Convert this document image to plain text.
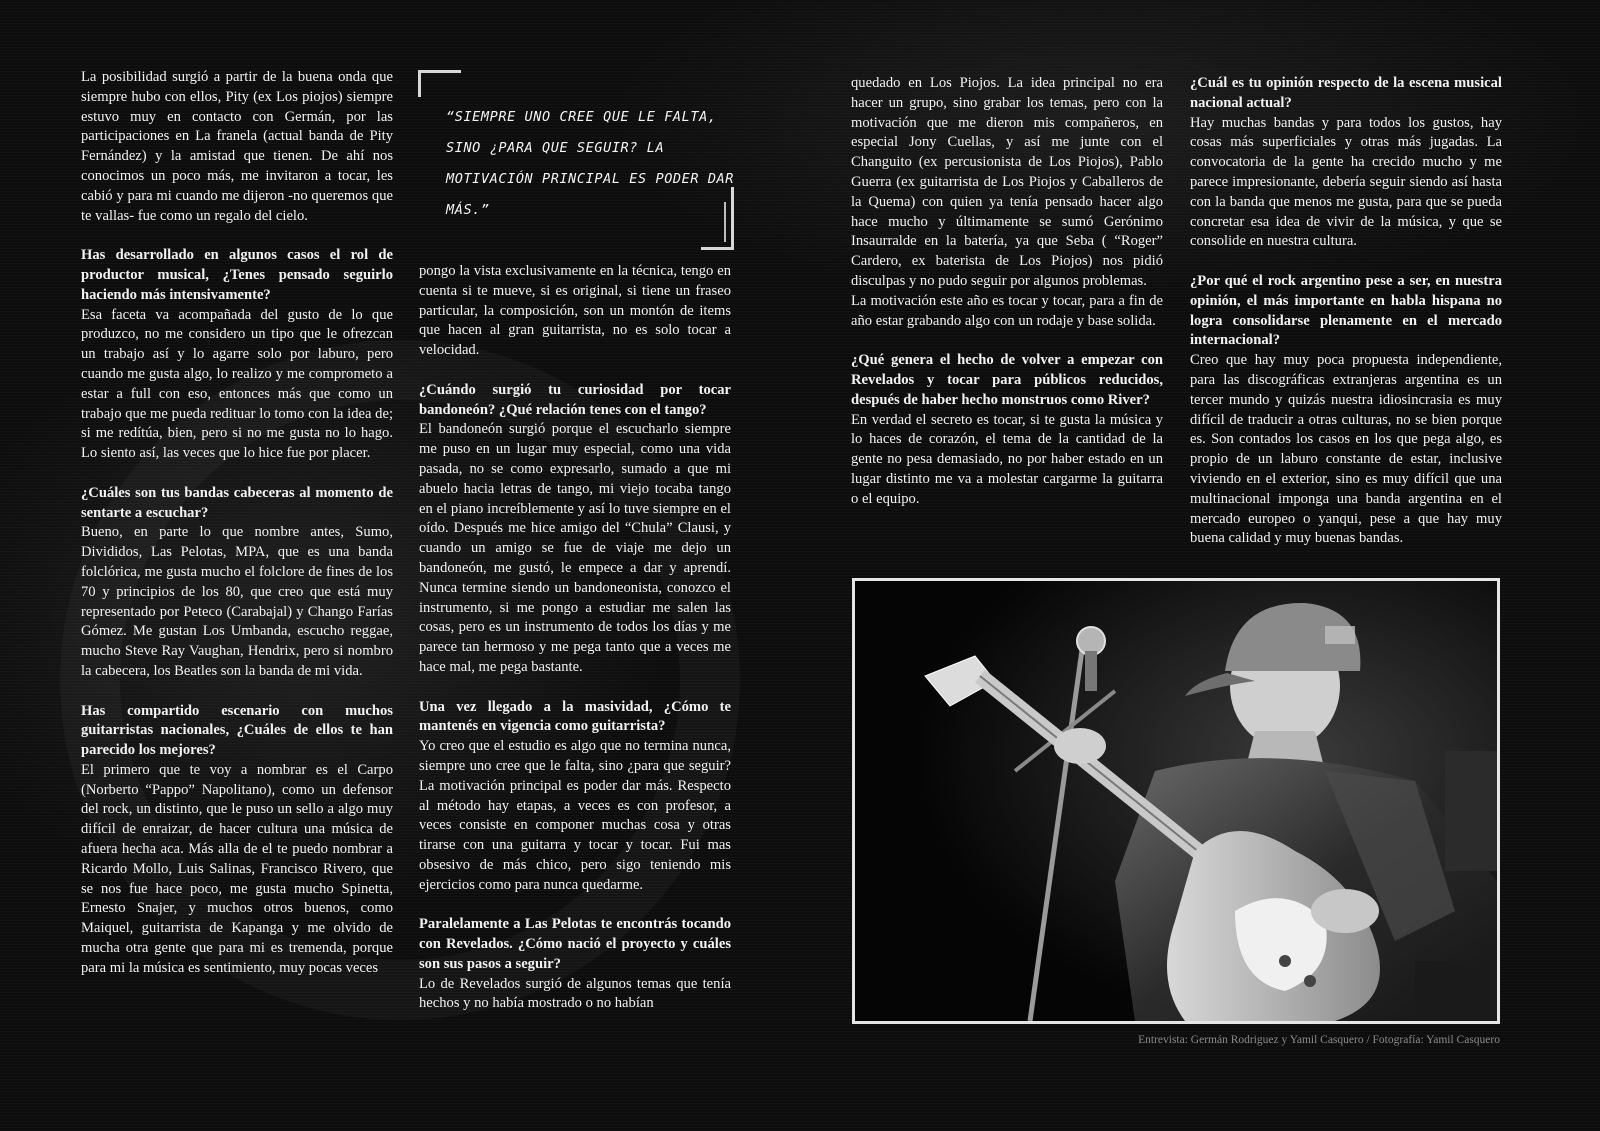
La posibilidad surgió a partir de la buena onda que siempre hubo con ellos, Pity (ex Los piojos) siempre estuvo muy en contacto con Germán, por las participaciones en La franela (actual banda de Pity Fernández) y la amistad que tienen. De ahí nos conocimos un poco más, me invitaron a tocar, les cabió y para mi cuando me dijeron -no queremos que te vallas- fue como un regalo del cielo.

Has desarrollado en algunos casos el rol de productor musical, ¿Tenes pensado seguirlo haciendo más intensivamente?

Esa faceta va acompañada del gusto de lo que produzco, no me considero un tipo que le ofrezcan un trabajo así y lo agarre solo por laburo, pero cuando me gusta algo, lo realizo y me comprometo a estar a full con eso, entonces más que como un trabajo que me pueda redituar lo tomo con la idea de; si me redítúa, bien, pero si no me gusta no lo hago. Lo siento así, las veces que lo hice fue por placer.

¿Cuáles son tus bandas cabeceras al momento de sentarte a escuchar?

Bueno, en parte lo que nombre antes, Sumo, Divididos, Las Pelotas, MPA, que es una banda folclórica, me gusta mucho el folclore de fines de los 70 y principios de los 80, que creo que está muy representado por Peteco (Carabajal) y Chango Farías Gómez. Me gustan Los Umbanda, escucho reggae, mucho Steve Ray Vaughan, Hendrix, pero si nombro la cabecera, los Beatles son la banda de mi vida.

Has compartido escenario con muchos guitarristas nacionales, ¿Cuáles de ellos te han parecido los mejores?

El primero que te voy a nombrar es el Carpo (Norberto “Pappo” Napolitano), como un defensor del rock, un distinto, que le puso un sello a algo muy difícil de enraizar, de hacer cultura una música de afuera hecha aca. Más alla de el te puedo nombrar a Ricardo Mollo, Luis Salinas, Francisco Rivero, que se nos fue hace poco, me gusta mucho Spinetta, Ernesto Snajer, y muchos otros buenos, como Maiquel, guitarrista de Kapanga y me olvido de mucha otra gente que para mi es tremenda, porque para mi la música es sentimiento, muy pocas veces

“SIEMPRE UNO CREE QUE LE FALTA, SINO ¿PARA QUE SEGUIR? LA MOTIVACIÓN PRINCIPAL ES PODER DAR MÁS.”

pongo la vista exclusivamente en la técnica, tengo en cuenta si te mueve, si es original, si tiene un fraseo particular, la composición, son un montón de items que hacen al gran guitarrista, no es solo tocar a velocidad.

¿Cuándo surgió tu curiosidad por tocar bandoneón? ¿Qué relación tenes con el tango?

El bandoneón surgió porque el escucharlo siempre me puso en un lugar muy especial, como una vida pasada, no se como expresarlo, sumado a que mi abuelo hacia letras de tango, mi viejo tocaba tango en el piano increíblemente y así lo tuve siempre en el oído. Después me hice amigo del “Chula” Clausi, y cuando un amigo se fue de viaje me dejo un bandoneón, me gustó, le empece a dar y aprendí. Nunca termine siendo un bandoneonista, conozco el instrumento, si me pongo a estudiar me salen las cosas, pero es un instrumento de todos los días y me parece tan hermoso y me pega tanto que a veces me hace mal, me pega bastante.

Una vez llegado a la masividad, ¿Cómo te mantenés en vigencia como guitarrista?

Yo creo que el estudio es algo que no termina nunca, siempre uno cree que le falta, sino ¿para que seguir? La motivación principal es poder dar más. Respecto al método hay etapas, a veces es con profesor, a veces consiste en componer muchas cosa y otras tirarse con una guitarra y tocar y tocar. Fui mas obsesivo de más chico, pero sigo teniendo mis ejercicios como para nunca quedarme.

Paralelamente a Las Pelotas te encontrás tocando con Revelados. ¿Cómo nació el proyecto y cuáles son sus pasos a seguir?

Lo de Revelados surgió de algunos temas que tenía hechos y no había mostrado o no habían

quedado en Los Piojos. La idea principal no era hacer un grupo, sino grabar los temas, pero con la motivación que me dieron mis compañeros, en especial Jony Cuellas, y así me junte con el Changuito (ex percusionista de Los Piojos), Pablo Guerra (ex guitarrista de Los Piojos y Caballeros de la Quema) con quien ya tenía pensado hacer algo hace mucho y últimamente se sumó Gerónimo Insaurralde en la batería, ya que Seba ( “Roger” Cardero, ex baterista de Los Piojos) nos pidió disculpas y no pudo seguir por algunos problemas.

La motivación este año es tocar y tocar, para a fin de año estar grabando algo con un rodaje y base solida.

¿Qué genera el hecho de volver a empezar con Revelados y tocar para públicos reducidos, después de haber hecho monstruos como River?

En verdad el secreto es tocar, si te gusta la música y lo haces de corazón, el tema de la cantidad de la gente no pesa demasiado, no por haber estado en un lugar distinto me va a molestar cargarme la guitarra o el equipo.

¿Cuál es tu opinión respecto de la escena musical nacional actual?

Hay muchas bandas y para todos los gustos, hay cosas más superficiales y otras más jugadas. La convocatoria de la gente ha crecido mucho y me parece impresionante, debería seguir siendo así hasta con la banda que menos me gusta, para que se pueda concretar esa idea de vivir de la música, y que se consolide en nuestra cultura.

¿Por qué el rock argentino pese a ser, en nuestra opinión, el más importante en habla hispana no logra consolidarse plenamente en el mercado internacional?

Creo que hay muy poca propuesta independiente, para las discográficas extranjeras argentina es un tercer mundo y quizás nuestra idiosincrasia es muy difícil de traducir a otras culturas, no se bien porque es. Son contados los casos en los que pega algo, es propio de un laburo constante de estar, inclusive viviendo en el exterior, sino es muy difícil que una multinacional imponga una banda argentina en el mercado europeo o yanqui, pese a que hay muy buena calidad y muy buenas bandas.

Entrevista: Germán Rodriguez y Yamil Casquero / Fotografía: Yamil Casquero
